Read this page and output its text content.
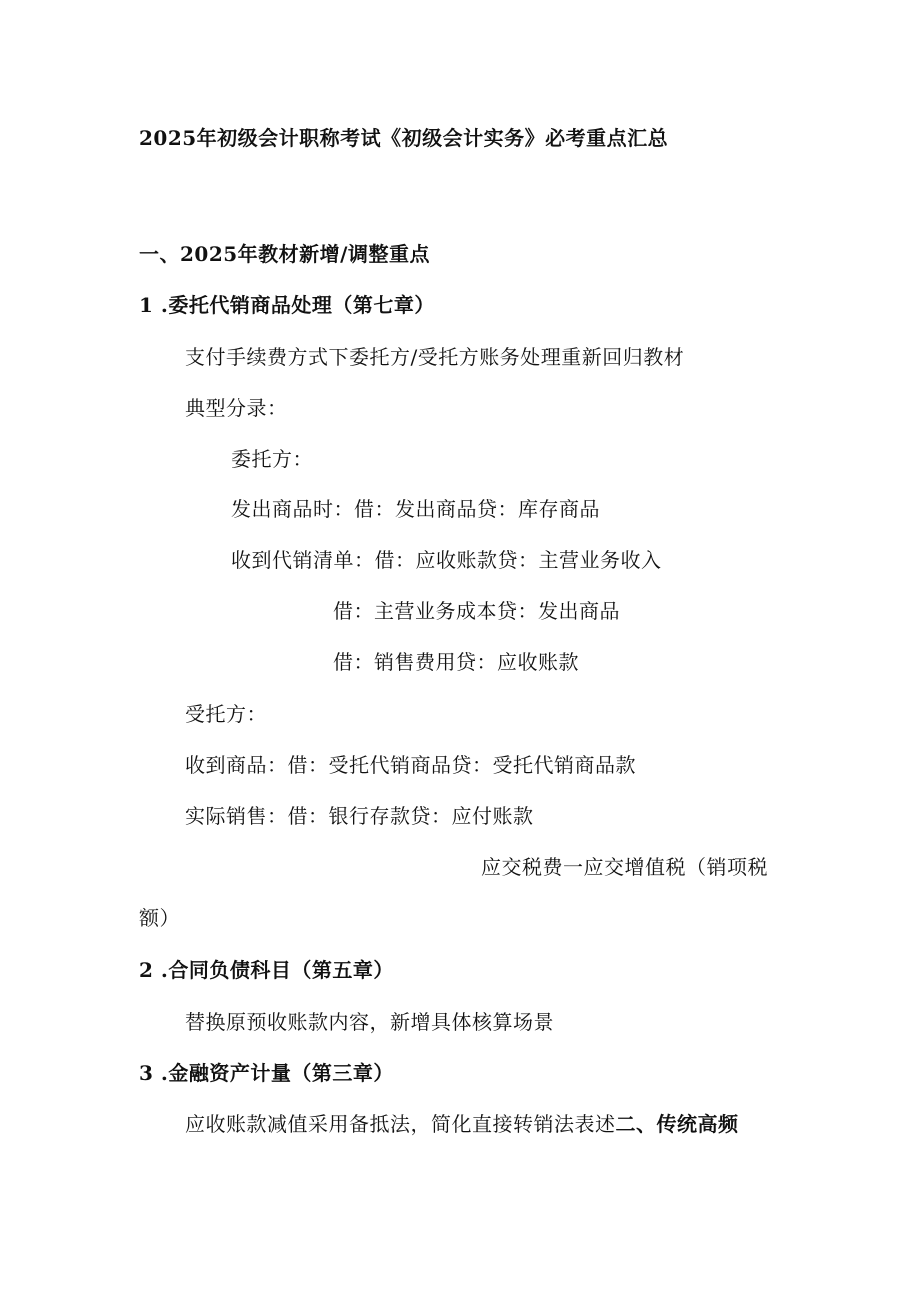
2025年初级会计职称考试《初级会计实务》必考重点汇总
一、2025年教材新增/调整重点
1 .委托代销商品处理（第七章）
支付手续费方式下委托方/受托方账务处理重新回归教材
典型分录：
委托方：
发出商品时：借：发出商品贷：库存商品
收到代销清单：借：应收账款贷：主营业务收入
借：主营业务成本贷：发出商品
借：销售费用贷：应收账款
受托方：
收到商品：借：受托代销商品贷：受托代销商品款
实际销售：借：银行存款贷：应付账款
应交税费一应交增值税（销项税
额）
2 .合同负债科目（第五章）
替换原预收账款内容，新增具体核算场景
3 .金融资产计量（第三章）
应收账款减值采用备抵法，简化直接转销法表述二、传统高频
